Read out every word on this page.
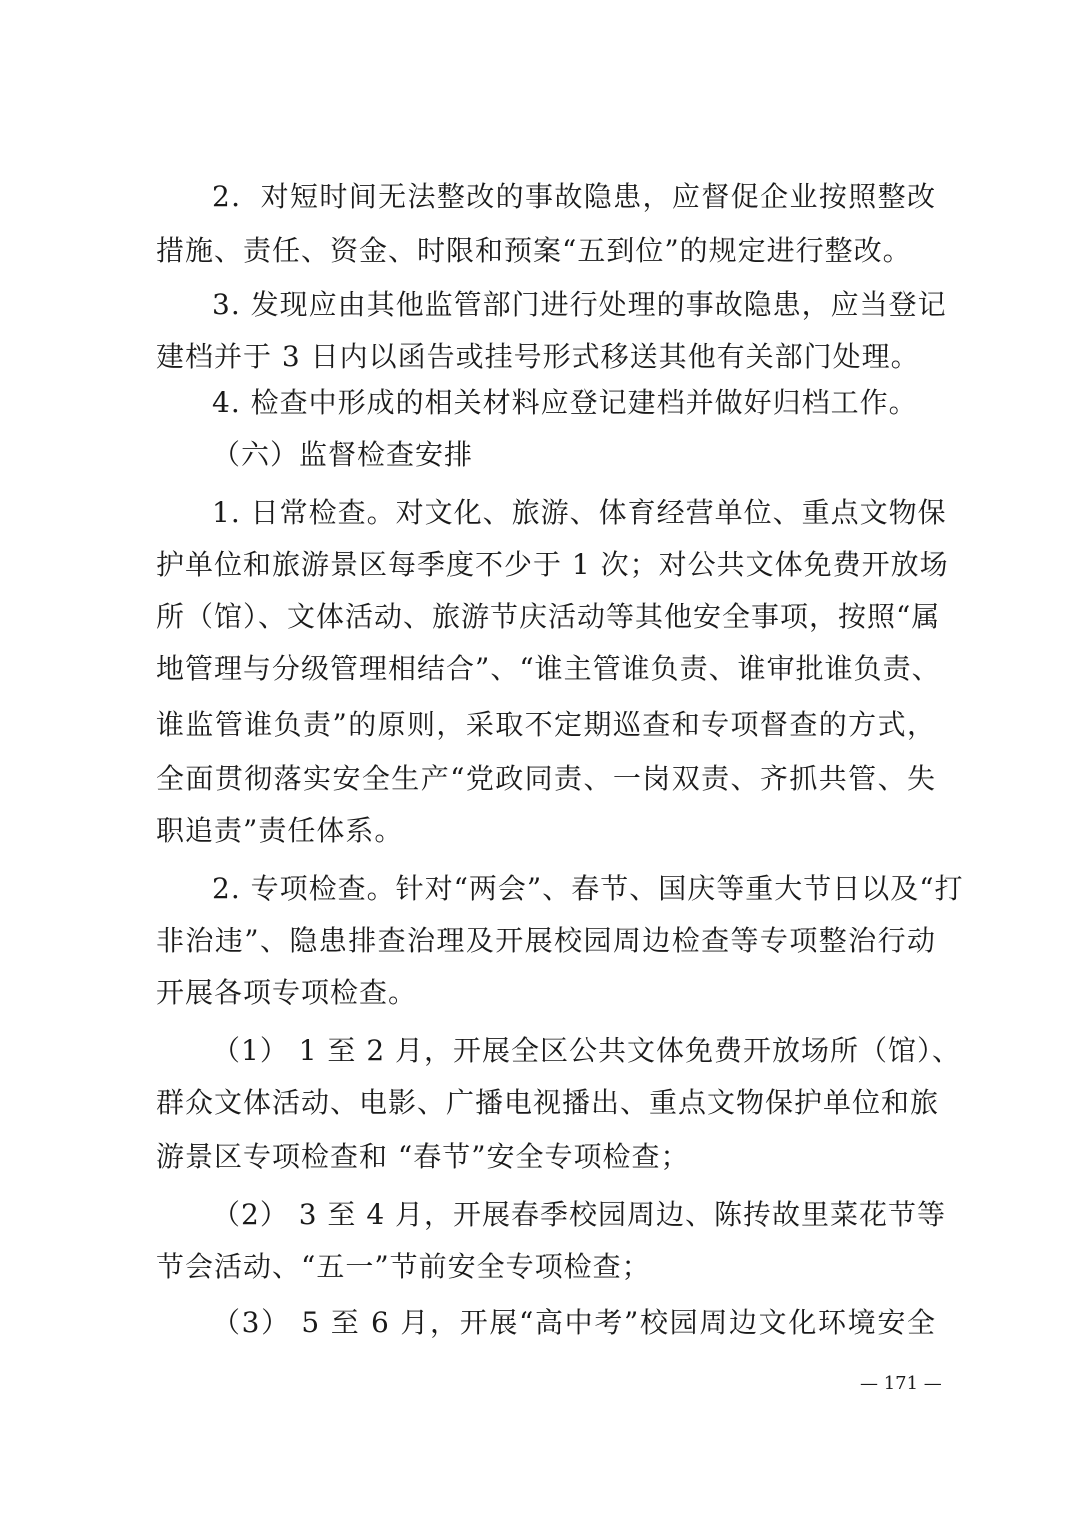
2．对短时间无法整改的事故隐患，应督促企业按照整改
措施、责任、资金、时限和预案“五到位”的规定进行整改。
3. 发现应由其他监管部门进行处理的事故隐患，应当登记
建档并于 3 日内以函告或挂号形式移送其他有关部门处理。
4. 检查中形成的相关材料应登记建档并做好归档工作。
（六）监督检查安排
1. 日常检查。对文化、旅游、体育经营单位、重点文物保
护单位和旅游景区每季度不少于 1 次；对公共文体免费开放场
所（馆）、文体活动、旅游节庆活动等其他安全事项，按照“属
地管理与分级管理相结合”、“谁主管谁负责、谁审批谁负责、
谁监管谁负责”的原则，采取不定期巡查和专项督查的方式，
全面贯彻落实安全生产“党政同责、一岗双责、齐抓共管、失
职追责”责任体系。
2. 专项检查。针对“两会”、春节、国庆等重大节日以及“打
非治违”、隐患排查治理及开展校园周边检查等专项整治行动
开展各项专项检查。
（1） 1 至 2 月，开展全区公共文体免费开放场所（馆）、
群众文体活动、电影、广播电视播出、重点文物保护单位和旅
游景区专项检查和 “春节”安全专项检查；
（2） 3 至 4 月，开展春季校园周边、陈抟故里菜花节等
节会活动、“五一”节前安全专项检查；
（3） 5 至 6 月，开展“高中考”校园周边文化环境安全
— 171 —
